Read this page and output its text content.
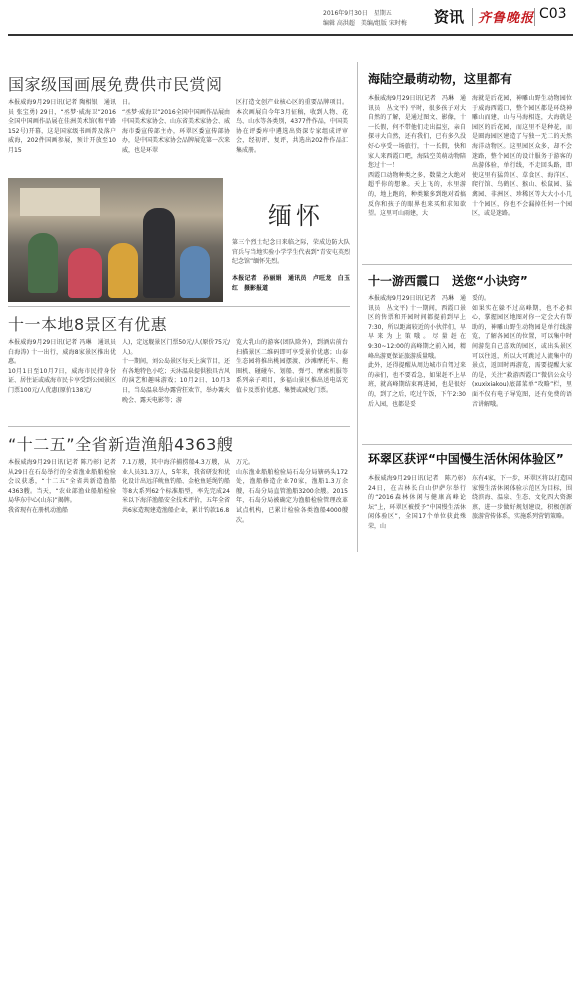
2016年9月30日　星期五
编辑 高洪超　美编/组版 宋时梅 资讯 齐鲁晚报 C03
国家级国画展免费供市民赏阅
本报威海9月29日讯(记者 陶相银　通讯员 张宝勇) 29日，“丞梦·威海卫”2016全国中国画作品展在佳洲美术馆(和平路152号)开幕，这是国家级书画普及落户威海，202件国画参展，预计开放至10月15
日。
“丞梦·威海卫”2016全国中国画作品展由中国美术家协会、山东省美术家协会、威海市委宣传部主办，环翠区委宣传部协办，是中国美术家协会品牌展览第一次来威，也是环翠
区打造文创产业核心区的重要品牌项目。本次画展自今年3月征稿，收到人物、花鸟、山水等各类别，4377件作品，中国美协在评委库中遴选出资深专家组成评审会，经初评、复评，共选出202件作品汇集成册。
缅怀
第三个烈士纪念日来临之际，荣成边防大队官兵与当地实验小学学生代表到“青安屯英烈纪念馆”缅怀先烈。
本报记者　孙丽娟　通讯员　卢旺龙　白玉红　摄影报道
十一本地8景区有优惠
本报威海9月29日讯(记者 冯琳　通讯员 白海涛) 十一出行，威海8家景区推出优惠。
10月1日至10月7日，威海市民持身份证、居住证或威海市民卡享受到公园景区门票100元/人优惠(原价138元/
人)，定远舰景区门票50元/人(原价75元/人)。
十一期间，刘公岛景区每天上演节目，还有各地特色小吃；天沐温泉提供独具古风的演艺和趣味游戏；10月2日、10月3日，当岛温泉举办露营狂欢节，举办篝火晚会、露天电影等；游
览大乳山的游客(团队除外)，到酒店前台扫描景区二维码即可享受景价优惠；山泰生态园将推出桃园摆渡、沙滩摩托车、拖圈机、碰碰车、划船、弹弓、摩索机服等系列亲子项目，多福山景区推出送电话充值卡及票价优惠、集赞或减免门票。
“十二五”全省新造渔船4363艘
本报威海9月29日讯(记者 陈乃彰) 记者从29日在石岛举行的全省渔业船舶检验会议获悉，“十二五”全省共新造渔船4363艘。当天，“农业部渔业船舶检验局华东中心(山东)”揭牌。
我省现有在册机动渔船
7.1万艘，其中海洋捕捞船4.3万艘，从业人员31.3万人，5年来，我省研发和优化设计出远洋鱿鱼钓船、金枪鱼延绳钓船等8大系列62个标准船型，率先完成24米以下海洋渔船安全技术评价，五年全省共6家造现建造渔船企业，累计钓款16.8
万元。
山东渔业船舶检验局石岛分局辖码头172处，渔船修造企业70家，渔船1.3万余艘，石岛分局直管渔船3200余艘。2015年，石岛分局被确定为渔船检验管理改革试点机构，已累计检验各类渔船4000艘次。
海陆空最萌动物，这里都有
本报威海9月29日讯(记者　冯琳　通讯员　丛文平) 平时，很多孩子对大自然的了解，是通过图文、影像，十一长假，何不带他们走出温室，亲自探寻大自然，还有我们，已有多久没好心享受一场旅行，十一长假，快和家人来西霞口吧，海陆空美萌动物陪您过十一！
西霞口动物种类之多，数量之大绝对超乎你的想象。天上飞的，水里游的，地上跑的，种类繁多到绝对看搞反你和孩子的眼界也来买和求知欲望。这里可山雨建，大
海就是后花园，神雕山野生动物园位于威海西霞口，整个园区都是环绕神雕山而建，山与马海相连，大海就是园区的后花园，而这里不是种花，而是圈海园区建造了与独一无二的天然海洋动物区。这里园区众多，却不会迷路，整个园区的设计服务于游客的出游体验，单行线，不走回头路，即使这里有猛兽区、草食区、海洋区、爬行馆、鸟鹤区、猴山、松鼠园、猛禽园、非洲区、珍稀区等大大小小几十个园区，你也不会漏掉任何一个园区，或是迷路。
十一游西霞口　送您“小诀窍”
本报威海9月29日讯(记者　冯琳　通讯员　丛文平) 十一期间，西霞口景区的售票和开园时间都提前到早上7:30，所以距离较近的小伙伴们，早早来为上策哦。尽量赶在9:30~12:00的高峰期之前入园，精峰出游更保证旅游质量哦。
此外，还得提醒从周边城市自驾过来的亲们，也不要看急，如果赶不上早班，就高峰期结束再进园，也是很好的，到了之后，吃过午饭，下午2:30后入园，也都是妥
妥的。
如果实在躲不过高峰期，也不必担心，掌握园区地图对你一定会大有帮助的，神雕山野生动物园是单行线游览，了解各园区的位置，可以集中时间游览自己喜欢的园区，或出头景区可以往返，所以大可跳过人流集中的景点，返回时再游览，需要提醒大家的是，关注“救游西霞口”微信公众号(xuxixiakou)底部菜单“攻略”栏，里面不仅有电子导览图，还有免费的语音讲解哦。
环翠区获评“中国慢生活休闲体验区”
本报威海9月29日讯(记者　陈乃彰) 24日，在吉林长白山伊萨尔举行的“2016森林休闲与健康高峰论坛”上，环翠区被授予“中国慢生活休闲体验区”，全国17个单位获此殊荣，山
东有4家，下一步，环翠区将以打造国家慢生活休闲体验示范区为目标，围绕滨海、温泉、生态、文化四大资源禀，进一步做好规划建设，积极创新旅游营传体系，实施系列营销策略。
